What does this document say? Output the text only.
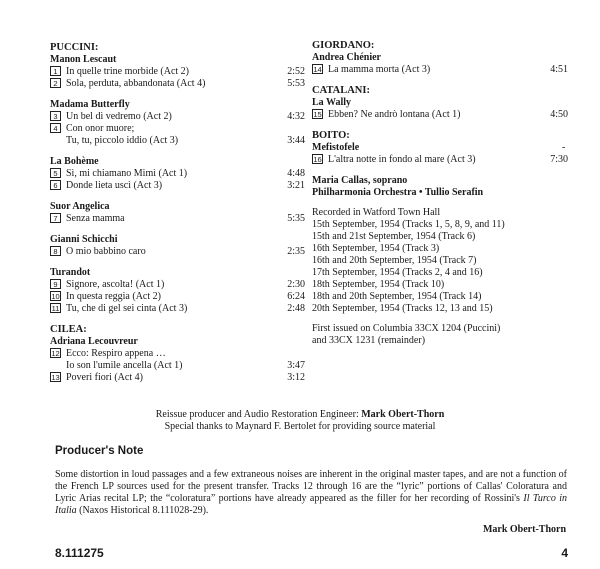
PUCCINI:
Manon Lescaut
1 In quelle trine morbide (Act 2)	2:52
2 Sola, perduta, abbandonata (Act 4)	5:53
Madama Butterfly
3 Un bel dì vedremo (Act 2)	4:32
4 Con onor muore;
Tu, tu, piccolo iddio (Act 3)	3:44
La Bohème
5 Sì, mi chiamano Mimì (Act 1)	4:48
6 Donde lieta uscì (Act 3)	3:21
Suor Angelica
7 Senza mamma	5:35
Gianni Schicchi
8 O mio babbino caro	2:35
Turandot
9 Signore, ascolta! (Act 1)	2:30
10 In questa reggia (Act 2)	6:24
11 Tu, che di gel sei cinta (Act 3)	2:48
CILEA:
Adriana Lecouvreur
12 Ecco: Respiro appena …
Io son l'umile ancella (Act 1)	3:47
13 Poveri fiori (Act 4)	3:12
GIORDANO:
Andrea Chénier
14 La mamma morta (Act 3)	4:51
CATALANI:
La Wally
15 Ebben? Ne andrò lontana (Act 1)	4:50
BOITO:
Mefistofele
16 L'altra notte in fondo al mare (Act 3)	7:30
Maria Callas, soprano
Philharmonia Orchestra • Tullio Serafin
Recorded in Watford Town Hall
15th September, 1954 (Tracks 1, 5, 8, 9, and 11)
15th and 21st September, 1954 (Track 6)
16th September, 1954 (Track 3)
16th and 20th September, 1954 (Track 7)
17th September, 1954 (Tracks 2, 4 and 16)
18th September, 1954 (Track 10)
18th and 20th September, 1954 (Track 14)
20th September, 1954 (Tracks 12, 13 and 15)
First issued on Columbia 33CX 1204 (Puccini)
and 33CX 1231 (remainder)
-
Reissue producer and Audio Restoration Engineer: Mark Obert-Thorn
Special thanks to Maynard F. Bertolet for providing source material
Producer's Note
Some distortion in loud passages and a few extraneous noises are inherent in the original master tapes, and are not a function of the French LP sources used for the present transfer. Tracks 12 through 16 are the “lyric” portions of Callas' Coloratura and Lyric Arias recital LP; the “coloratura” portions have already appeared as the filler for her recording of Rossini's Il Turco in Italia (Naxos Historical 8.111028-29).
Mark Obert-Thorn
8.111275	4
